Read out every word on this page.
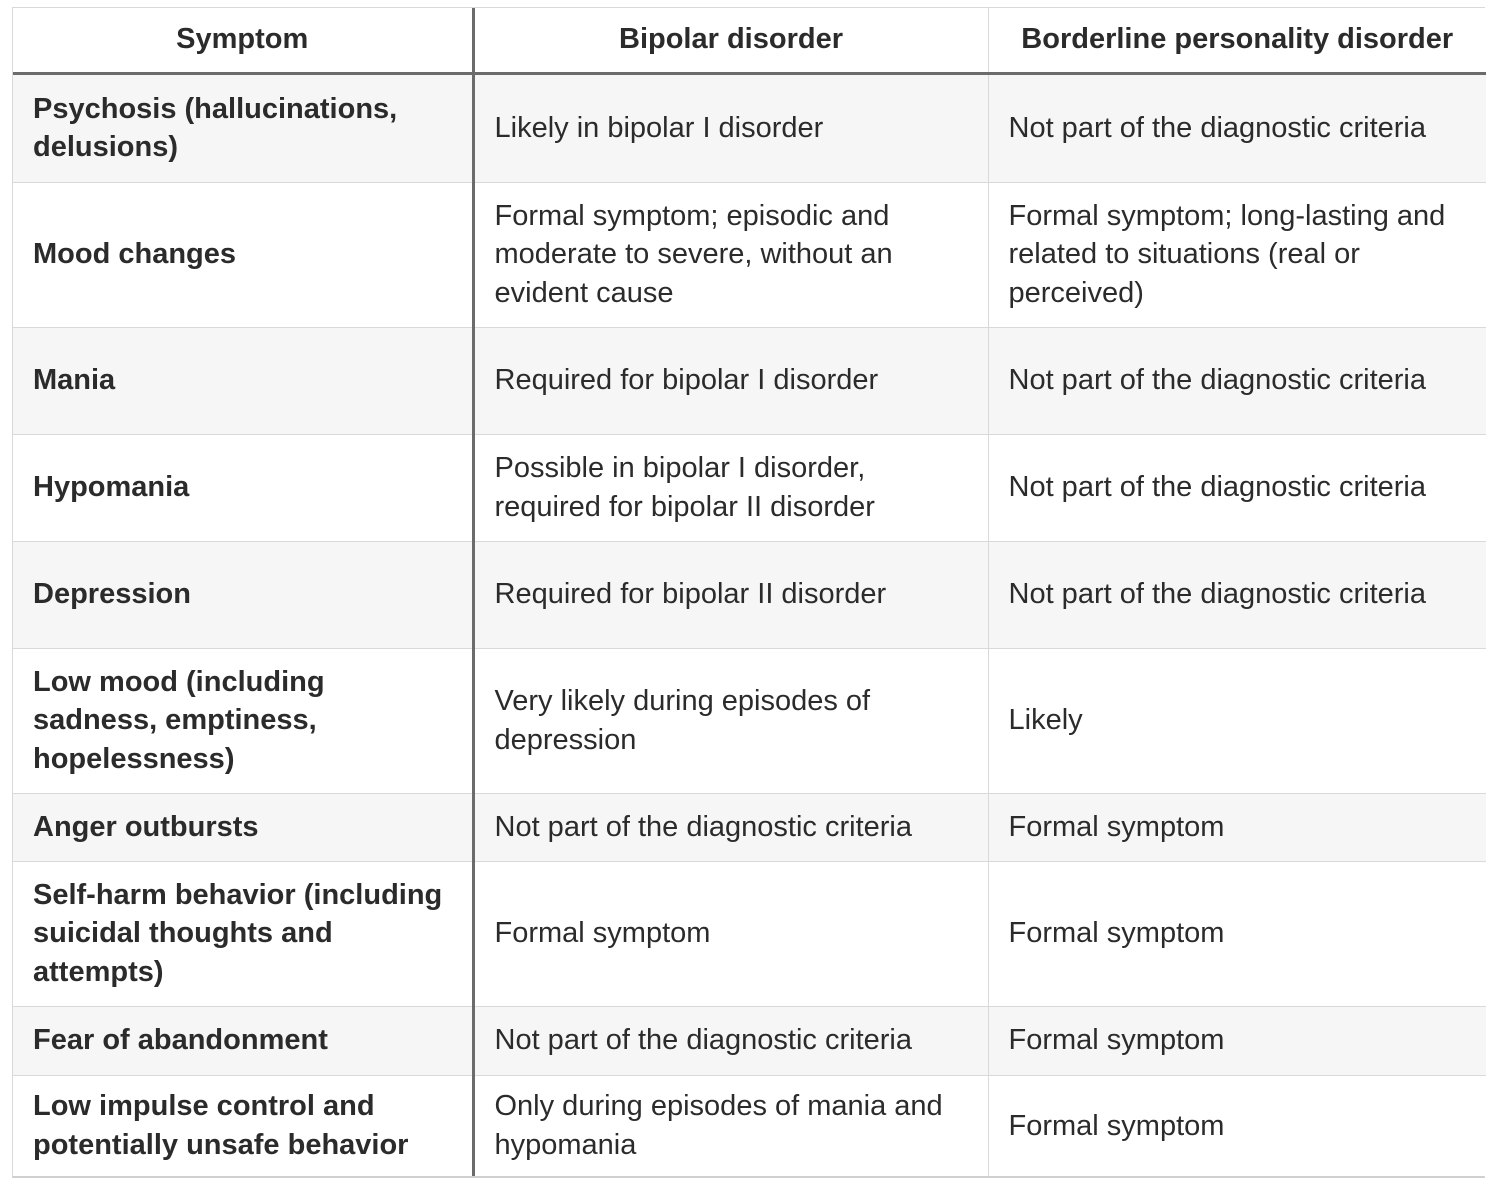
Symptom	Bipolar disorder	Borderline personality disorder
Psychosis (hallucinations, delusions)	Likely in bipolar I disorder	Not part of the diagnostic criteria
Mood changes	Formal symptom; episodic and moderate to severe, without an evident cause	Formal symptom; long-lasting and related to situations (real or perceived)
Mania	Required for bipolar I disorder	Not part of the diagnostic criteria
Hypomania	Possible in bipolar I disorder, required for bipolar II disorder	Not part of the diagnostic criteria
Depression	Required for bipolar II disorder	Not part of the diagnostic criteria
Low mood (including sadness, emptiness, hopelessness)	Very likely during episodes of depression	Likely
Anger outbursts	Not part of the diagnostic criteria	Formal symptom
Self-harm behavior (including suicidal thoughts and attempts)	Formal symptom	Formal symptom
Fear of abandonment	Not part of the diagnostic criteria	Formal symptom
Low impulse control and potentially unsafe behavior	Only during episodes of mania and hypomania	Formal symptom
